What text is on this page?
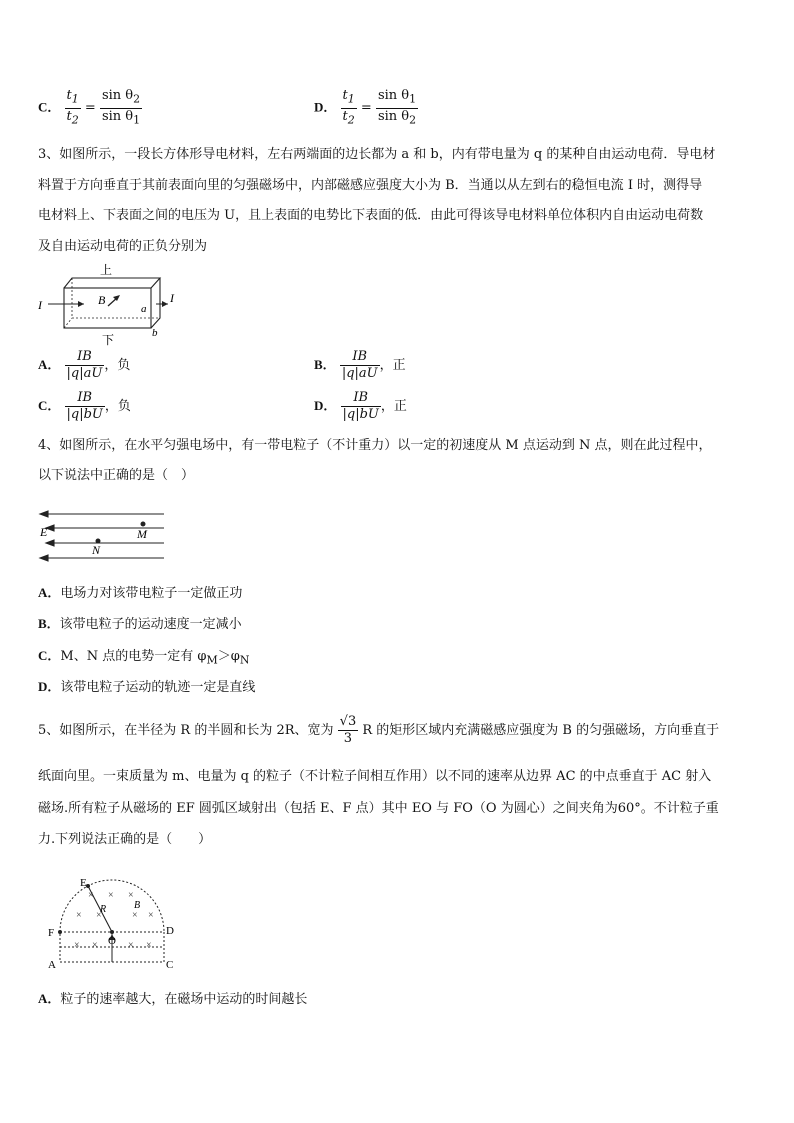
C． $\frac{t_1}{t_2} = \frac{\sin \theta_2}{\sin \theta_1}$	D． $\frac{t_1}{t_2} = \frac{\sin \theta_1}{\sin \theta_2}$
3、如图所示，一段长方体形导电材料，左右两端面的边长都为 a 和 b，内有带电量为 q 的某种自由运动电荷．导电材
料置于方向垂直于其前表面向里的匀强磁场中，内部磁感应强度大小为 B．当通以从左到右的稳恒电流 I 时，测得导
电材料上、下表面之间的电压为 U，且上表面的电势比下表面的低．由此可得该导电材料单位体积内自由运动电荷数
及自由运动电荷的正负分别为
上
I	I
B
a
b
下
A． $\frac{IB}{|q|aU}$ ，负	B． $\frac{IB}{|q|aU}$ ，正
C． $\frac{IB}{|q|bU}$ ，负	D． $\frac{IB}{|q|bU}$ ，正
4、如图所示，在水平匀强电场中，有一带电粒子（不计重力）以一定的初速度从 M 点运动到 N 点，则在此过程中，
以下说法中正确的是（　）
E	M
N
A．电场力对该带电粒子一定做正功
B．该带电粒子的运动速度一定减小
C．M、N 点的电势一定有 $\varphi_M>\varphi_N$
D．该带电粒子运动的轨迹一定是直线
5、如图所示，在半径为 R 的半圆和长为 2R、宽为 $\frac{√3}{3}$ R 的矩形区域内充满磁感应强度为 B 的匀强磁场，方向垂直于
纸面向里。一束质量为 m、电量为 q 的粒子（不计粒子间相互作用）以不同的速率从边界 AC 的中点垂直于 AC 射入
磁场.所有粒子从磁场的 EF 圆弧区域射出（包括 E、F 点）其中 EO 与 FO（O 为圆心）之间夹角为60°。不计粒子重
力.下列说法正确的是（　　）
× × ×
× ×	× ×
× ×	× ×
E
F	D
A	C
O
R	B
A．粒子的速率越大，在磁场中运动的时间越长
